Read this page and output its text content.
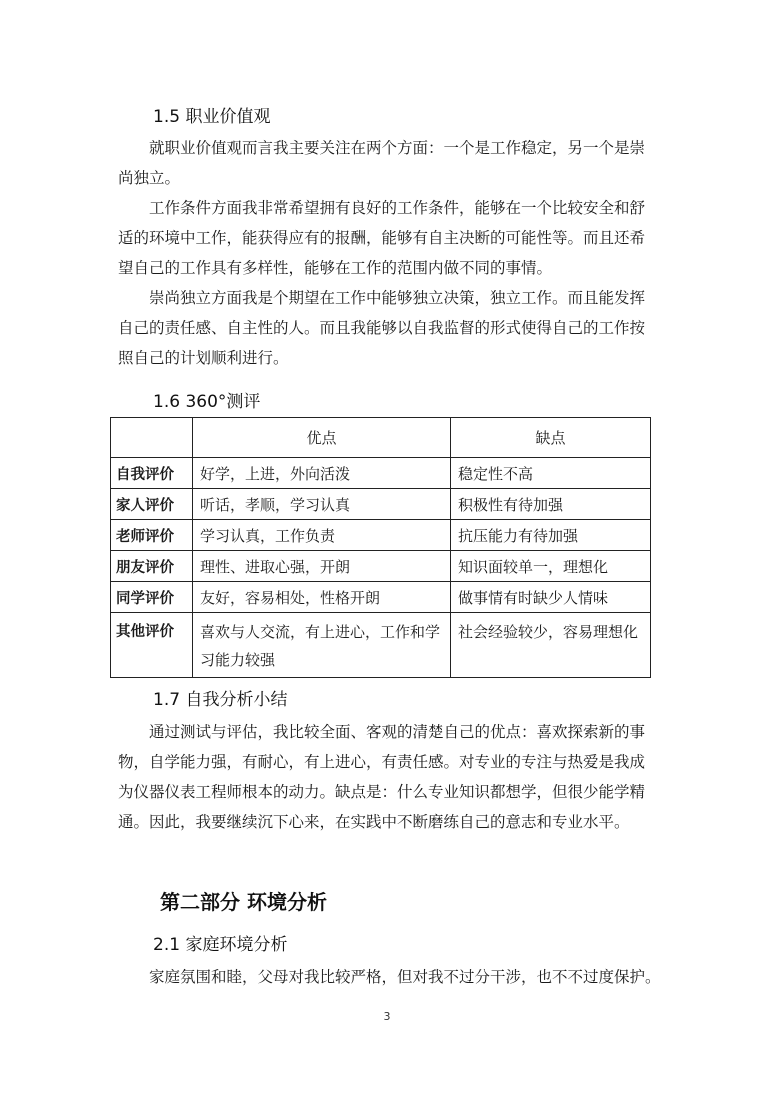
1.5 职业价值观

就职业价值观而言我主要关注在两个方面：一个是工作稳定，另一个是崇尚独立。

工作条件方面我非常希望拥有良好的工作条件，能够在一个比较安全和舒适的环境中工作，能获得应有的报酬，能够有自主决断的可能性等。而且还希望自己的工作具有多样性，能够在工作的范围内做不同的事情。

崇尚独立方面我是个期望在工作中能够独立决策，独立工作。而且能发挥自己的责任感、自主性的人。而且我能够以自我监督的形式使得自己的工作按照自己的计划顺利进行。

1.6 360°测评
	优点	缺点
自我评价	好学，上进，外向活泼	稳定性不高
家人评价	听话，孝顺，学习认真	积极性有待加强
老师评价	学习认真，工作负责	抗压能力有待加强
朋友评价	理性、进取心强，开朗	知识面较单一，理想化
同学评价	友好，容易相处，性格开朗	做事情有时缺少人情味
其他评价	喜欢与人交流，有上进心，工作和学习能力较强	社会经验较少，容易理想化
1.7 自我分析小结

通过测试与评估，我比较全面、客观的清楚自己的优点：喜欢探索新的事物，自学能力强，有耐心，有上进心，有责任感。对专业的专注与热爱是我成为仪器仪表工程师根本的动力。缺点是：什么专业知识都想学，但很少能学精通。因此，我要继续沉下心来，在实践中不断磨练自己的意志和专业水平。

第二部分 环境分析
2.1 家庭环境分析

家庭氛围和睦，父母对我比较严格，但对我不过分干涉，也不不过度保护。

3
